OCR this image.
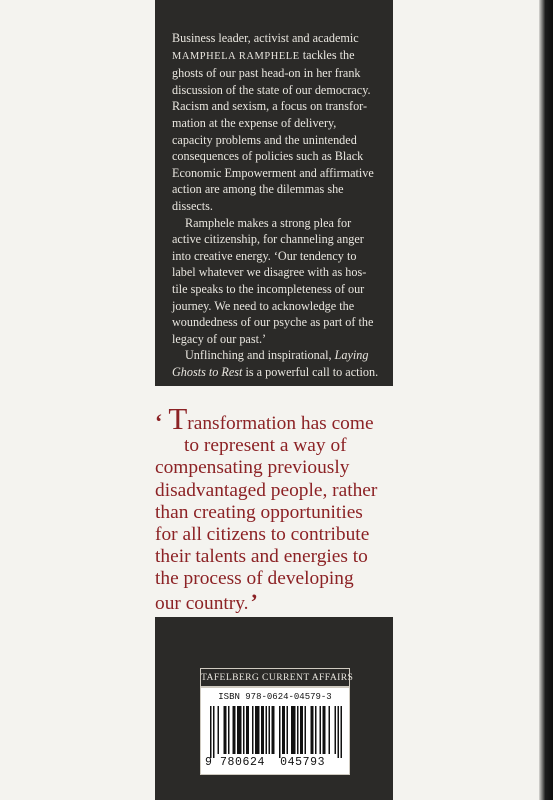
Business leader, activist and academic MAMPHELA RAMPHELE tackles the ghosts of our past head-on in her frank discussion of the state of our democracy. Racism and sexism, a focus on transfor-mation at the expense of delivery, capacity problems and the unintended consequences of policies such as Black Economic Empowerment and affirmative action are among the dilemmas she dissects.

Ramphele makes a strong plea for active citizenship, for channeling anger into creative energy. ‘Our tendency to label whatever we disagree with as hos-tile speaks to the incompleteness of our journey. We need to acknowledge the woundedness of our psyche as part of the legacy of our past.’

Unflinching and inspirational, Laying Ghosts to Rest is a powerful call to action.

‘ Transformation has come
to represent a way of
compensating previously
disadvantaged people, rather
than creating opportunities
for all citizens to contribute
their talents and energies to
the process of developing
our country.’
TAFELBERG CURRENT AFFAIRS
ISBN 978-0624-04579-3
9 780624 045793
